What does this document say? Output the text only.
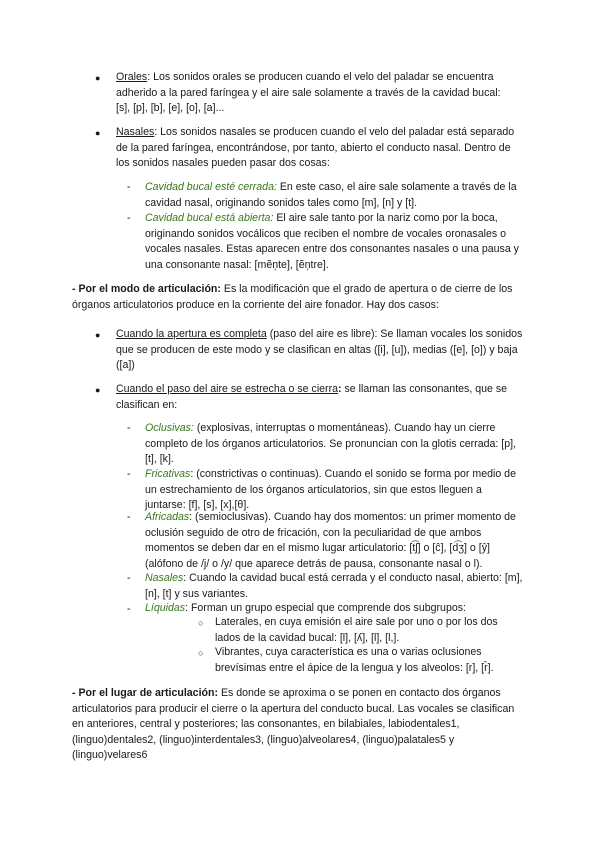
● Orales: Los sonidos orales se producen cuando el velo del paladar se encuentra adherido a la pared faríngea y el aire sale solamente a través de la cavidad bucal: [s], [p], [b], [e], [o], [a]...

● Nasales: Los sonidos nasales se producen cuando el velo del paladar está separado de la pared faríngea, encontrándose, por tanto, abierto el conducto nasal. Dentro de los sonidos nasales pueden pasar dos cosas:

- Cavidad bucal esté cerrada: En este caso, el aire sale solamente a través de la cavidad nasal, originando sonidos tales como [m], [n] y [t].

- Cavidad bucal está abierta: El aire sale tanto por la nariz como por la boca, originando sonidos vocálicos que reciben el nombre de vocales oronasales o vocales nasales. Estas aparecen entre dos consonantes nasales o una pausa y una consonante nasal: [mẽņte], [ẽņtre].

- Por el modo de articulación: Es la modificación que el grado de apertura o de cierre de los órganos articulatorios produce en la corriente del aire fonador. Hay dos casos:

● Cuando la apertura es completa (paso del aire es libre): Se llaman vocales los sonidos que se producen de este modo y se clasifican en altas ([i], [u]), medias ([e], [o]) y baja ([a])

● Cuando el paso del aire se estrecha o se cierra: se llaman las consonantes, que se clasifican en:

- Oclusivas: (explosivas, interruptas o momentáneas). Cuando hay un cierre completo de los órganos articulatorios. Se pronuncian con la glotis cerrada: [p], [t], [k].

- Fricativas: (constrictivas o continuas). Cuando el sonido se forma por medio de un estrechamiento de los órganos articulatorios, sin que estos lleguen a juntarse: [f], [s], [x],[θ].

- Africadas: (semioclusivas). Cuando hay dos momentos: un primer momento de oclusión seguido de otro de fricación, con la peculiaridad de que ambos momentos se deben dar en el mismo lugar articulatorio: [t͡ʃ] o [ĉ], [d͡ʒ] o [ŷ] (alófono de /j/ o /y/ que aparece detrás de pausa, consonante nasal o l).

- Nasales: Cuando la cavidad bucal está cerrada y el conducto nasal, abierto: [m], [n], [t] y sus variantes.

- Líquidas: Forman un grupo especial que comprende dos subgrupos:

○ Laterales, en cuya emisión el aire sale por uno o por los dos lados de la cavidad bucal: [l], [ʎ], [l], [l,].

○ Vibrantes, cuya característica es una o varias oclusiones brevísimas entre el ápice de la lengua y los alveolos: [r], [r̄].

- Por el lugar de articulación: Es donde se aproxima o se ponen en contacto dos órganos articulatorios para producir el cierre o la apertura del conducto bucal. Las vocales se clasifican en anteriores, central y posteriores; las consonantes, en bilabiales, labiodentales1, (linguo)dentales2, (linguo)interdentales3, (linguo)alveolares4, (linguo)palatales5 y (linguo)velares6
